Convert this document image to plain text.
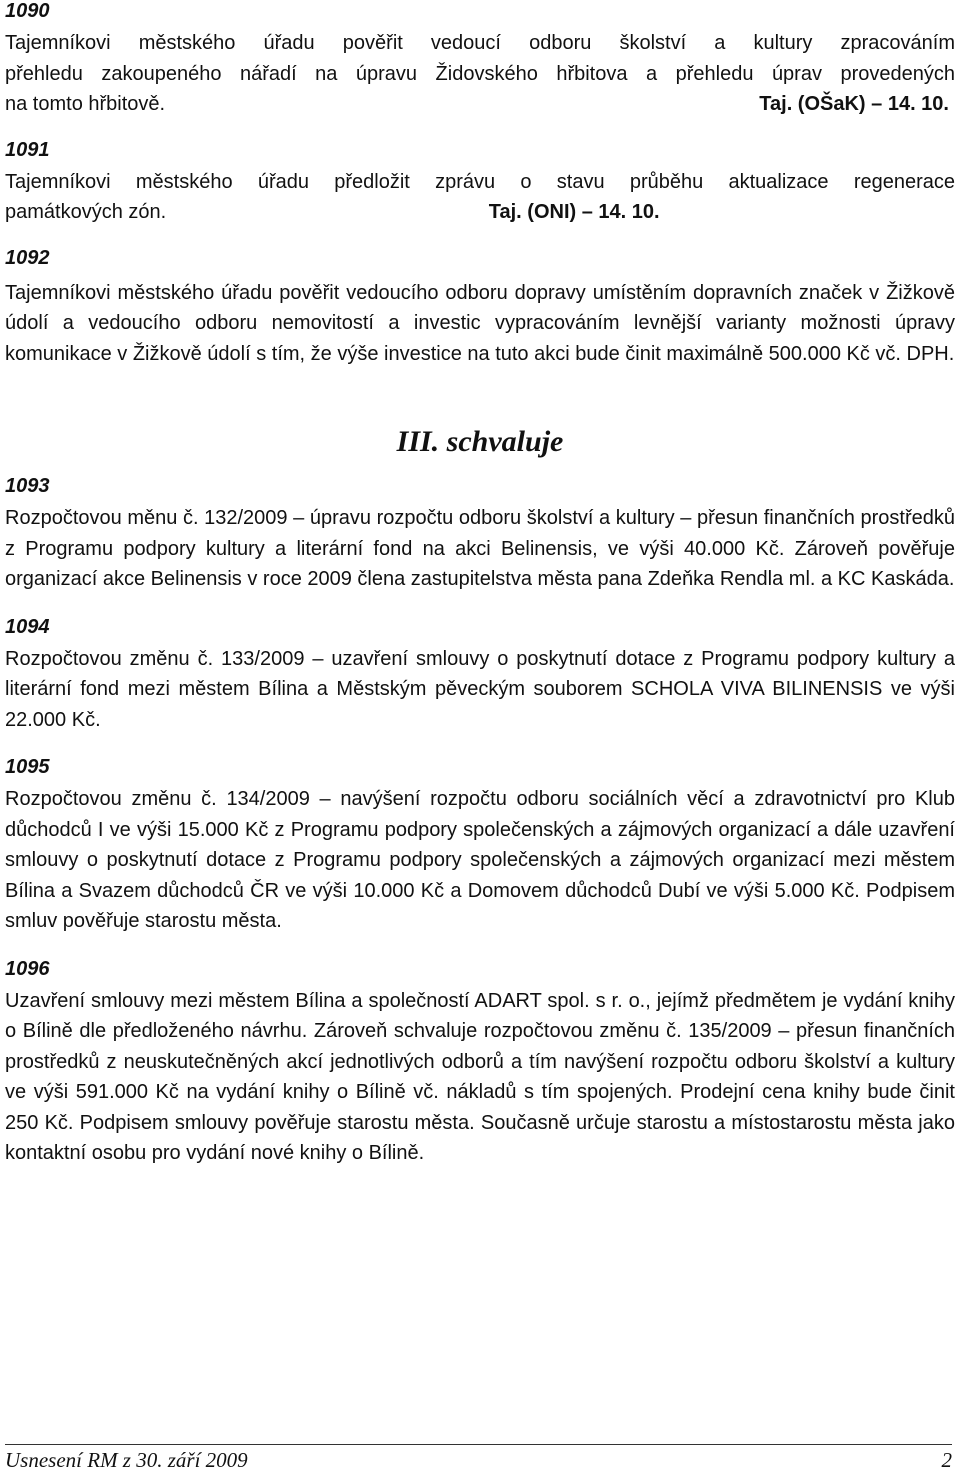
1090

Tajemníkovi městského úřadu pověřit vedoucí odboru školství a kultury zpracováním

přehledu zakoupeného nářadí na úpravu Židovského hřbitova a přehledu úprav provedených

na tomto hřbitově.	Taj. (OŠaK) – 14. 10.

1091

Tajemníkovi městského úřadu předložit zprávu o stavu průběhu aktualizace regenerace

památkových zón.	Taj. (ONI) – 14. 10.

1092

Tajemníkovi městského úřadu pověřit vedoucího odboru dopravy umístěním dopravních značek v Žižkově údolí a vedoucího odboru nemovitostí a investic vypracováním levnější varianty možnosti úpravy komunikace v Žižkově údolí s tím, že výše investice na tuto akci bude činit maximálně 500.000 Kč vč. DPH.

III. schvaluje

1093

Rozpočtovou měnu č. 132/2009 – úpravu rozpočtu odboru školství a kultury – přesun finančních prostředků z Programu podpory kultury a literární fond na akci Belinensis, ve výši 40.000 Kč. Zároveň pověřuje organizací akce Belinensis v roce 2009 člena zastupitelstva města pana Zdeňka Rendla ml. a KC Kaskáda.

1094

Rozpočtovou změnu č. 133/2009 – uzavření smlouvy o poskytnutí dotace z Programu podpory kultury a literární fond mezi městem Bílina a Městským pěveckým souborem SCHOLA VIVA BILINENSIS ve výši 22.000 Kč.

1095

Rozpočtovou změnu č. 134/2009 – navýšení rozpočtu odboru sociálních věcí a zdravotnictví pro Klub důchodců I ve výši 15.000 Kč z Programu podpory společenských a zájmových organizací a dále uzavření smlouvy o poskytnutí dotace z Programu podpory společenských a zájmových organizací mezi městem Bílina a Svazem důchodců ČR ve výši 10.000 Kč a Domovem důchodců Dubí ve výši 5.000 Kč. Podpisem smluv pověřuje starostu města.

1096

Uzavření smlouvy mezi městem Bílina a společností ADART spol. s r. o., jejímž předmětem je vydání knihy o Bílině dle předloženého návrhu. Zároveň schvaluje rozpočtovou změnu č. 135/2009 – přesun finančních prostředků z neuskutečněných akcí jednotlivých odborů a tím navýšení rozpočtu odboru školství a kultury ve výši 591.000 Kč na vydání knihy o Bílině vč. nákladů s tím spojených. Prodejní cena knihy bude činit 250 Kč. Podpisem smlouvy pověřuje starostu města. Současně určuje starostu a místostarostu města jako kontaktní osobu pro vydání nové knihy o Bílině.

Usnesení RM z 30. září 2009	2
